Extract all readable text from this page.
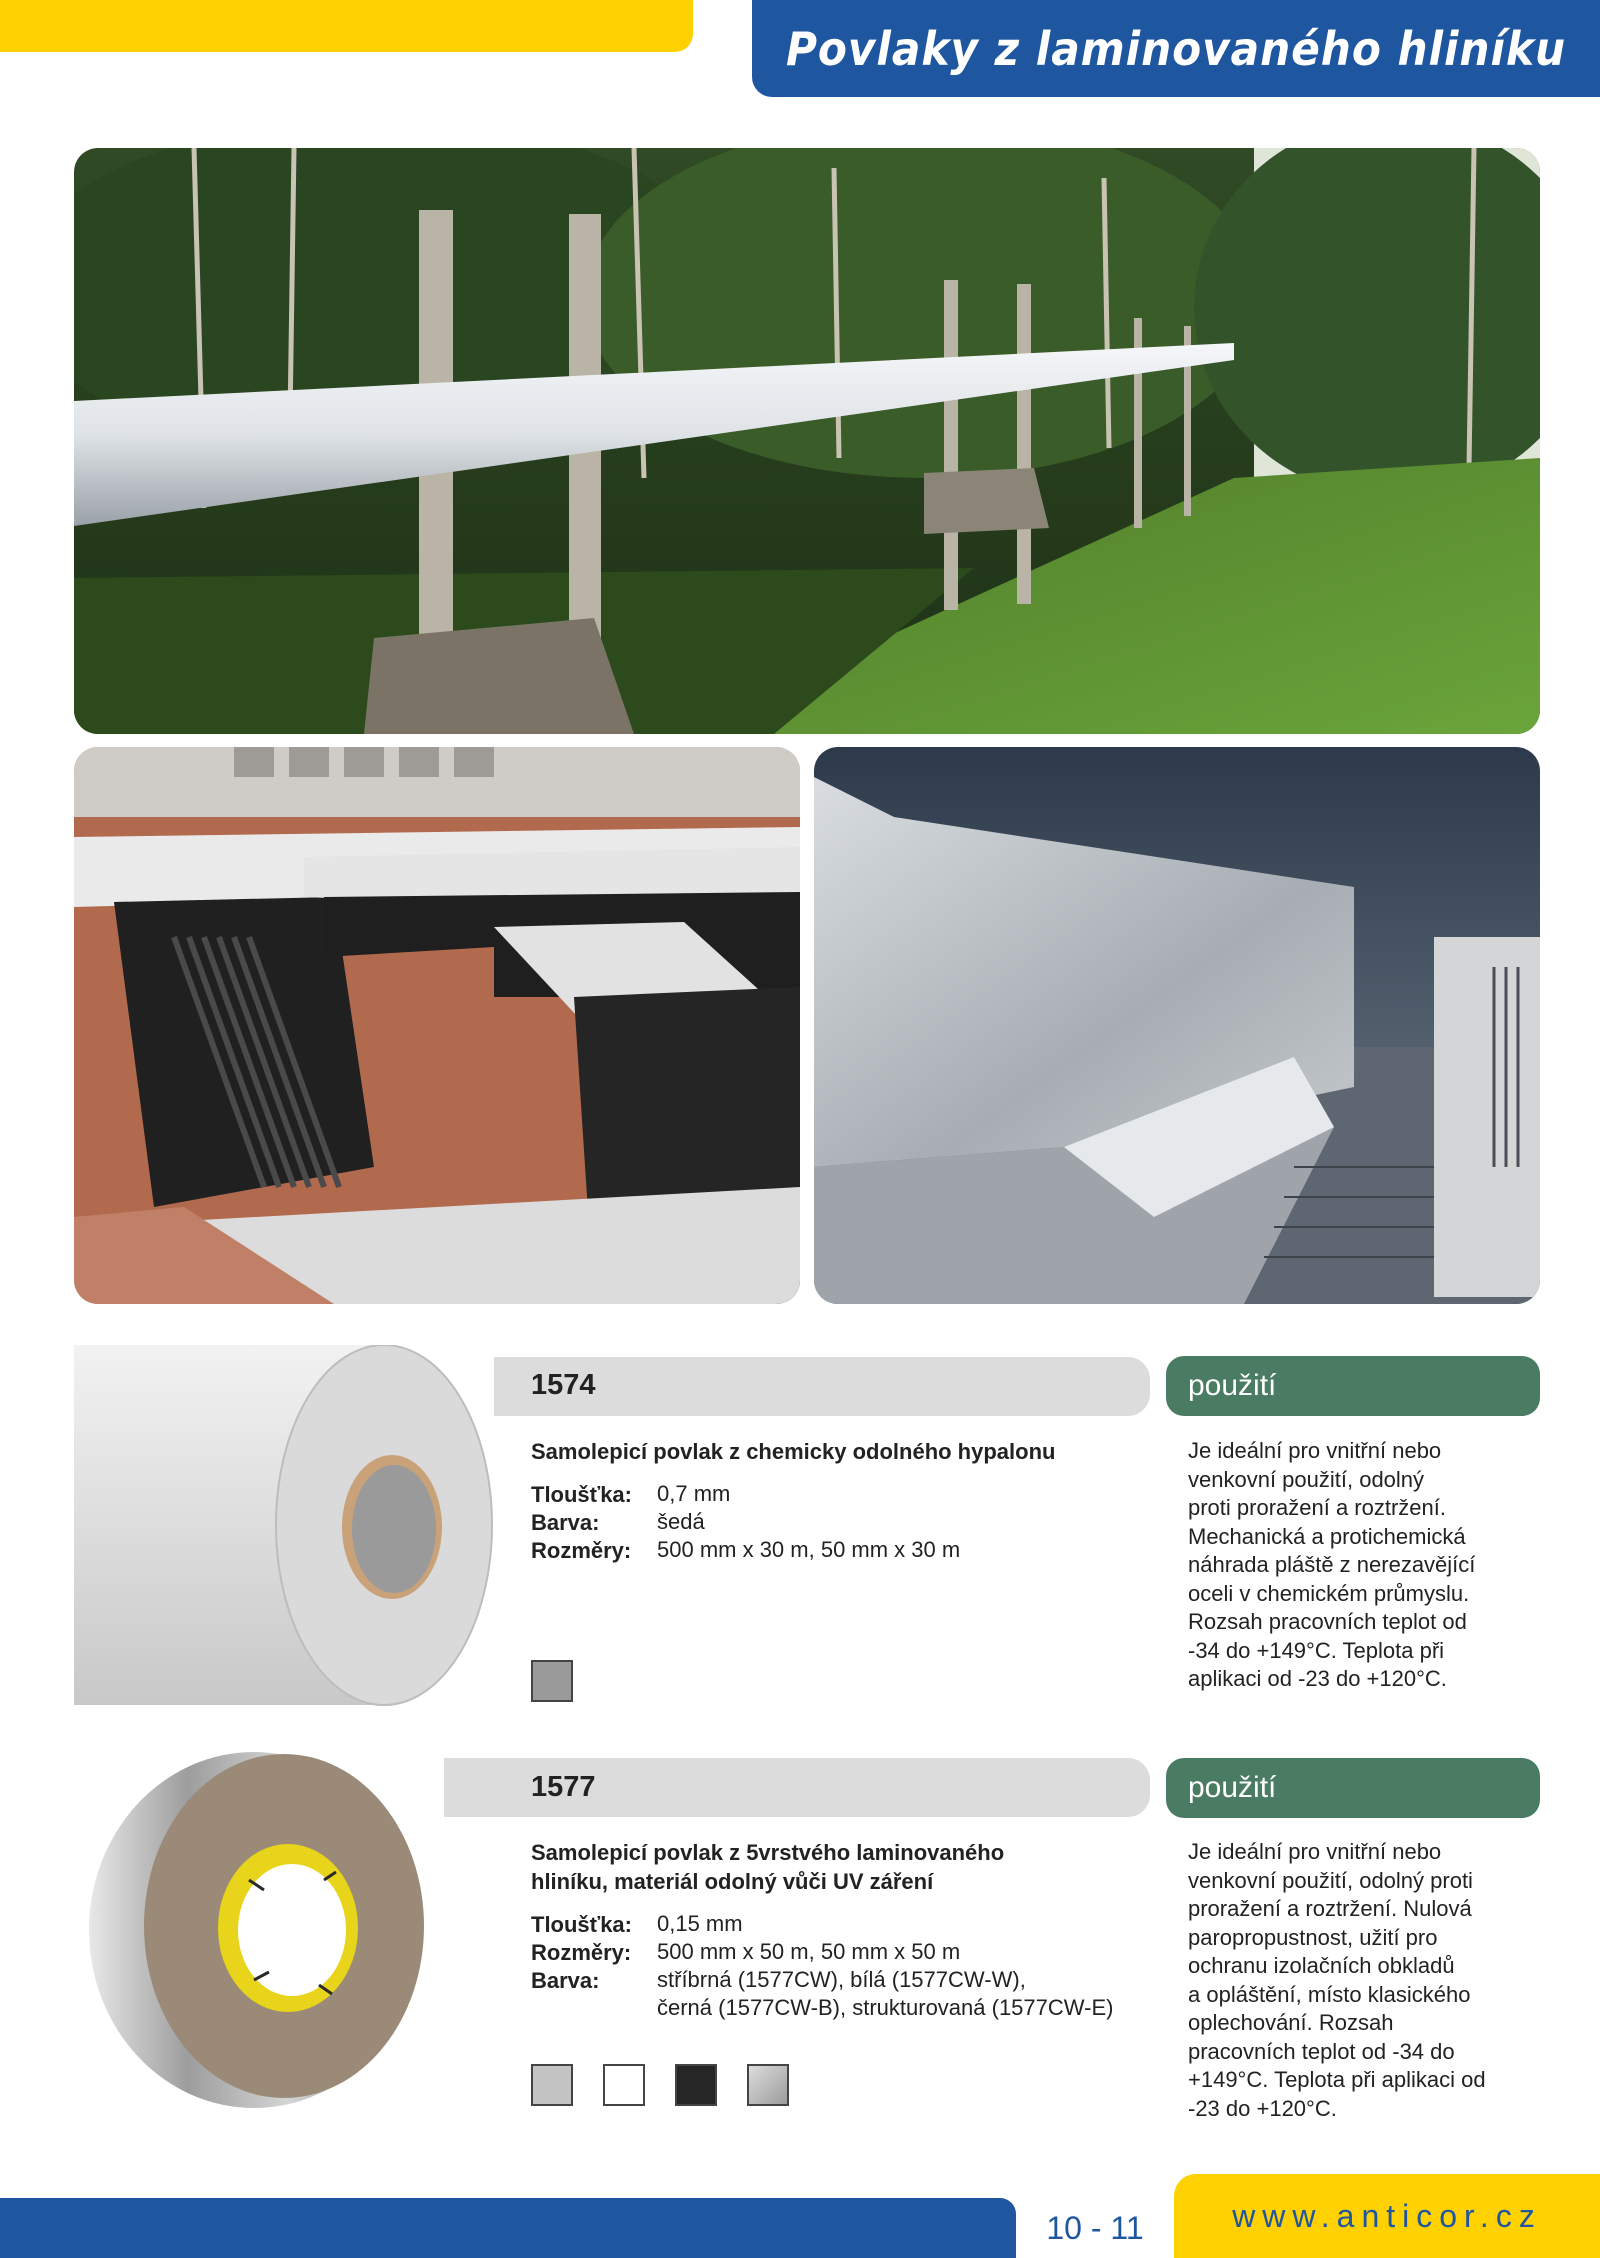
Povlaky z laminovaného hliníku
1574
Samolepicí povlak z chemicky odolného hypalonu
Tloušťka: 0,7 mm
Barva:	šedá
Rozměry: 500 mm x 30 m, 50 mm x 30 m
použití
Je ideální pro vnitřní nebo
venkovní použití, odolný
proti proražení a roztržení.
Mechanická a protichemická
náhrada pláště z nerezavějící
oceli v chemickém průmyslu.
Rozsah pracovních teplot od
-34 do +149°C. Teplota při
aplikaci od -23 do +120°C.
1577
Samolepicí povlak z 5vrstvého laminovaného
hliníku, materiál odolný vůči UV záření
Tloušťka: 0,15 mm
Rozměry: 500 mm x 50 m, 50 mm x 50 m
Barva:	stříbrná (1577CW), bílá (1577CW-W),
černá (1577CW-B), strukturovaná (1577CW-E)
použití
Je ideální pro vnitřní nebo
venkovní použití, odolný proti
proražení a roztržení. Nulová
paropropustnost, užití pro
ochranu izolačních obkladů
a opláštění, místo klasického
oplechování. Rozsah
pracovních teplot od -34 do
+149°C. Teplota při aplikaci od
-23 do +120°C.
10 - 11	www.anticor.cz
